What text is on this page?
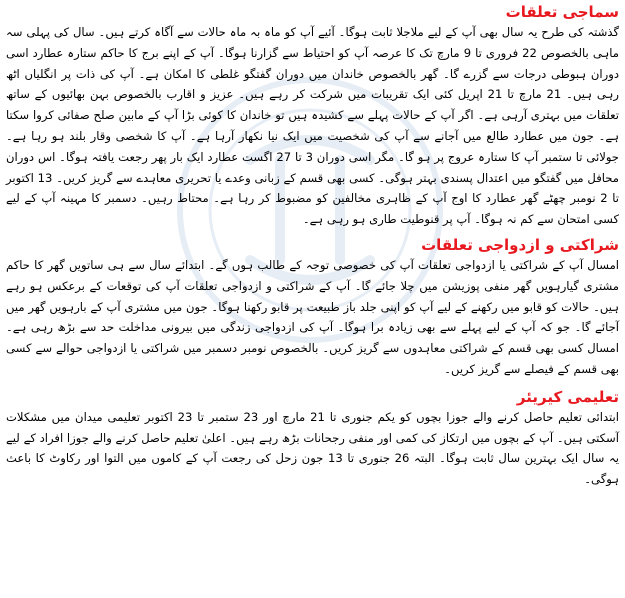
سماجی تعلقات

گذشتہ کی طرح یہ سال بھی آپ کے لیے ملاجلا ثابت ہوگا۔ آئیے آپ کو ماہ بہ ماہ حالات سے آگاہ کرتے ہیں۔ سال کی پہلی سہ ماہی بالخصوص 22 فروری تا 9 مارچ تک کا عرصہ آپ کو احتیاط سے گزارنا ہوگا۔ آپ کے اپنے برج کا حاکم ستارہ عطارد اسی دوران ہبوطی درجات سے گزرے گا۔ گھر بالخصوص خاندان میں دوران گفتگو غلطی کا امکان ہے۔ آپ کی ذات پر انگلیاں اٹھ رہی ہیں۔ 21 مارچ تا 21 اپریل کئی ایک تقریبات میں شرکت کر رہے ہیں۔ عزیز و اقارب بالخصوص بہن بھائیوں کے ساتھ تعلقات میں بہتری آرہی ہے۔ اگر آپ کے حالات پہلے سے کشیدہ ہیں تو خاندان کا کوئی بڑا آپ کے مابین صلح صفائی کروا سکتا ہے۔ جون میں عطارد طالع میں آجانے سے آپ کی شخصیت میں ایک نیا نکھار آرہا ہے۔ آپ کا شخصی وقار بلند ہو رہا ہے۔ جولائی تا ستمبر آپ کا ستارہ عروج پر ہو گا۔ مگر اسی دوران 3 تا 27 اگست عطارد ایک بار پھر رجعت یافتہ ہوگا۔ اس دوران محافل میں گفتگو میں اعتدال پسندی بہتر ہوگی۔ کسی بھی قسم کے زبانی وعدے یا تحریری معاہدے سے گریز کریں۔ 13 اکتوبر تا 2 نومبر چھٹے گھر عطارد کا اوج آپ کے ظاہری مخالفین کو مضبوط کر رہا ہے۔ محتاط رہیں۔ دسمبر کا مہینہ آپ کے لیے کسی امتحان سے کم نہ ہوگا۔ آپ پر قنوطیت طاری ہو رہی ہے۔

شراکتی و ازدواجی تعلقات

امسال آپ کے شراکتی یا ازدواجی تعلقات آپ کی خصوصی توجہ کے طالب ہوں گے۔ ابتدائے سال سے ہی ساتویں گھر کا حاکم مشتری گیارہویں گھر منفی پوزیشن میں چلا جائے گا۔ آپ کے شراکتی و ازدواجی تعلقات آپ کی توقعات کے برعکس ہو رہے ہیں۔ حالات کو قابو میں رکھنے کے لیے آپ کو اپنی جلد باز طبیعت پر قابو رکھنا ہوگا۔ جون میں مشتری آپ کے بارہویں گھر میں آجائے گا۔ جو کہ آپ کے لیے پہلے سے بھی زیادہ برا ہوگا۔ آپ کی ازدواجی زندگی میں بیرونی مداخلت حد سے بڑھ رہی ہے۔ امسال کسی بھی قسم کے شراکتی معاہدوں سے گریز کریں۔ بالخصوص نومبر دسمبر میں شراکتی یا ازدواجی حوالے سے کسی بھی قسم کے فیصلے سے گریز کریں۔

تعلیمی کیریئر

ابتدائی تعلیم حاصل کرنے والے جوزا بچوں کو یکم جنوری تا 21 مارچ اور 23 ستمبر تا 23 اکتوبر تعلیمی میدان میں مشکلات آسکتی ہیں۔ آپ کے بچوں میں ارتکاز کی کمی اور منفی رجحانات بڑھ رہے ہیں۔ اعلیٰ تعلیم حاصل کرنے والے جوزا افراد کے لیے یہ سال ایک بہترین سال ثابت ہوگا۔ البتہ 26 جنوری تا 13 جون زحل کی رجعت آپ کے کاموں میں التوا اور رکاوٹ کا باعث ہوگی۔
